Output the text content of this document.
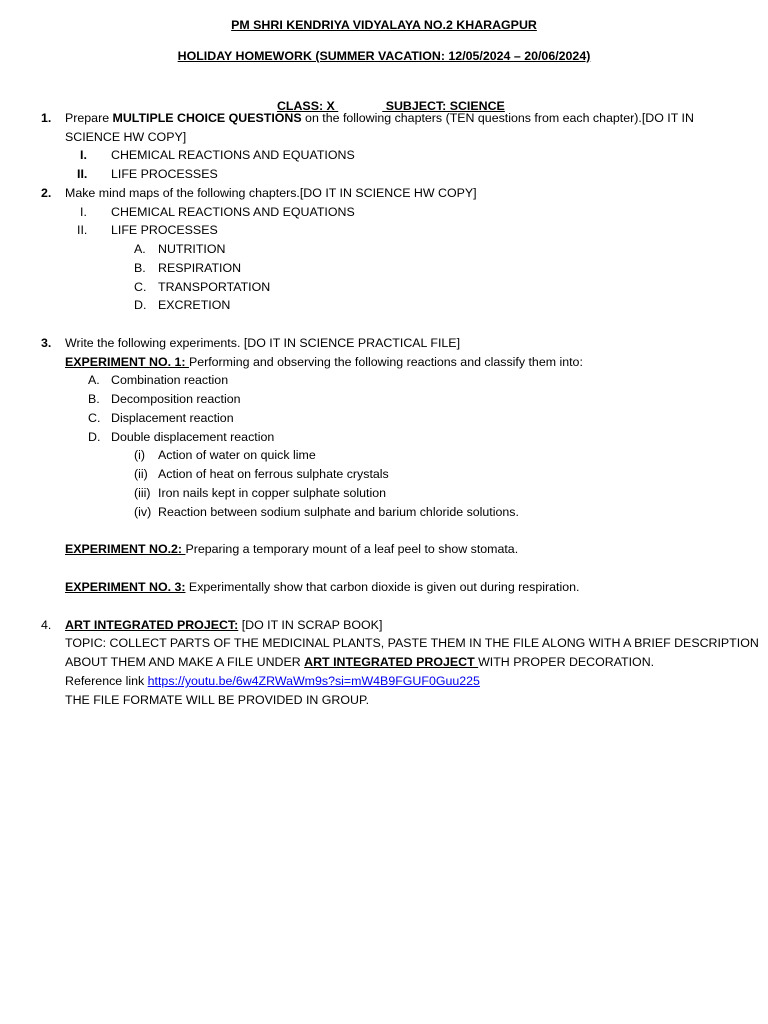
PM SHRI KENDRIYA VIDYALAYA NO.2 KHARAGPUR
HOLIDAY HOMEWORK (SUMMER VACATION: 12/05/2024 – 20/06/2024)

CLASS: X	SUBJECT: SCIENCE

1. Prepare MULTIPLE CHOICE QUESTIONS on the following chapters (TEN questions from each chapter).[DO IT IN
SCIENCE HW COPY]
I. CHEMICAL REACTIONS AND EQUATIONS
II. LIFE PROCESSES
2. Make mind maps of the following chapters.[DO IT IN SCIENCE HW COPY]
I. CHEMICAL REACTIONS AND EQUATIONS
II. LIFE PROCESSES
A. NUTRITION
B. RESPIRATION
C. TRANSPORTATION
D. EXCRETION
3. Write the following experiments. [DO IT IN SCIENCE PRACTICAL FILE]
EXPERIMENT NO. 1: Performing and observing the following reactions and classify them into:
A. Combination reaction
B. Decomposition reaction
C. Displacement reaction
D. Double displacement reaction
(i) Action of water on quick lime
(ii) Action of heat on ferrous sulphate crystals
(iii) Iron nails kept in copper sulphate solution
(iv) Reaction between sodium sulphate and barium chloride solutions.
EXPERIMENT NO.2: Preparing a temporary mount of a leaf peel to show stomata.
EXPERIMENT NO. 3: Experimentally show that carbon dioxide is given out during respiration.
4. ART INTEGRATED PROJECT: [DO IT IN SCRAP BOOK]
TOPIC: COLLECT PARTS OF THE MEDICINAL PLANTS, PASTE THEM IN THE FILE ALONG WITH A BRIEF DESCRIPTION
ABOUT THEM AND MAKE A FILE UNDER ART INTEGRATED PROJECT WITH PROPER DECORATION.
Reference link https://youtu.be/6w4ZRWaWm9s?si=mW4B9FGUF0Guu225
THE FILE FORMATE WILL BE PROVIDED IN GROUP.
